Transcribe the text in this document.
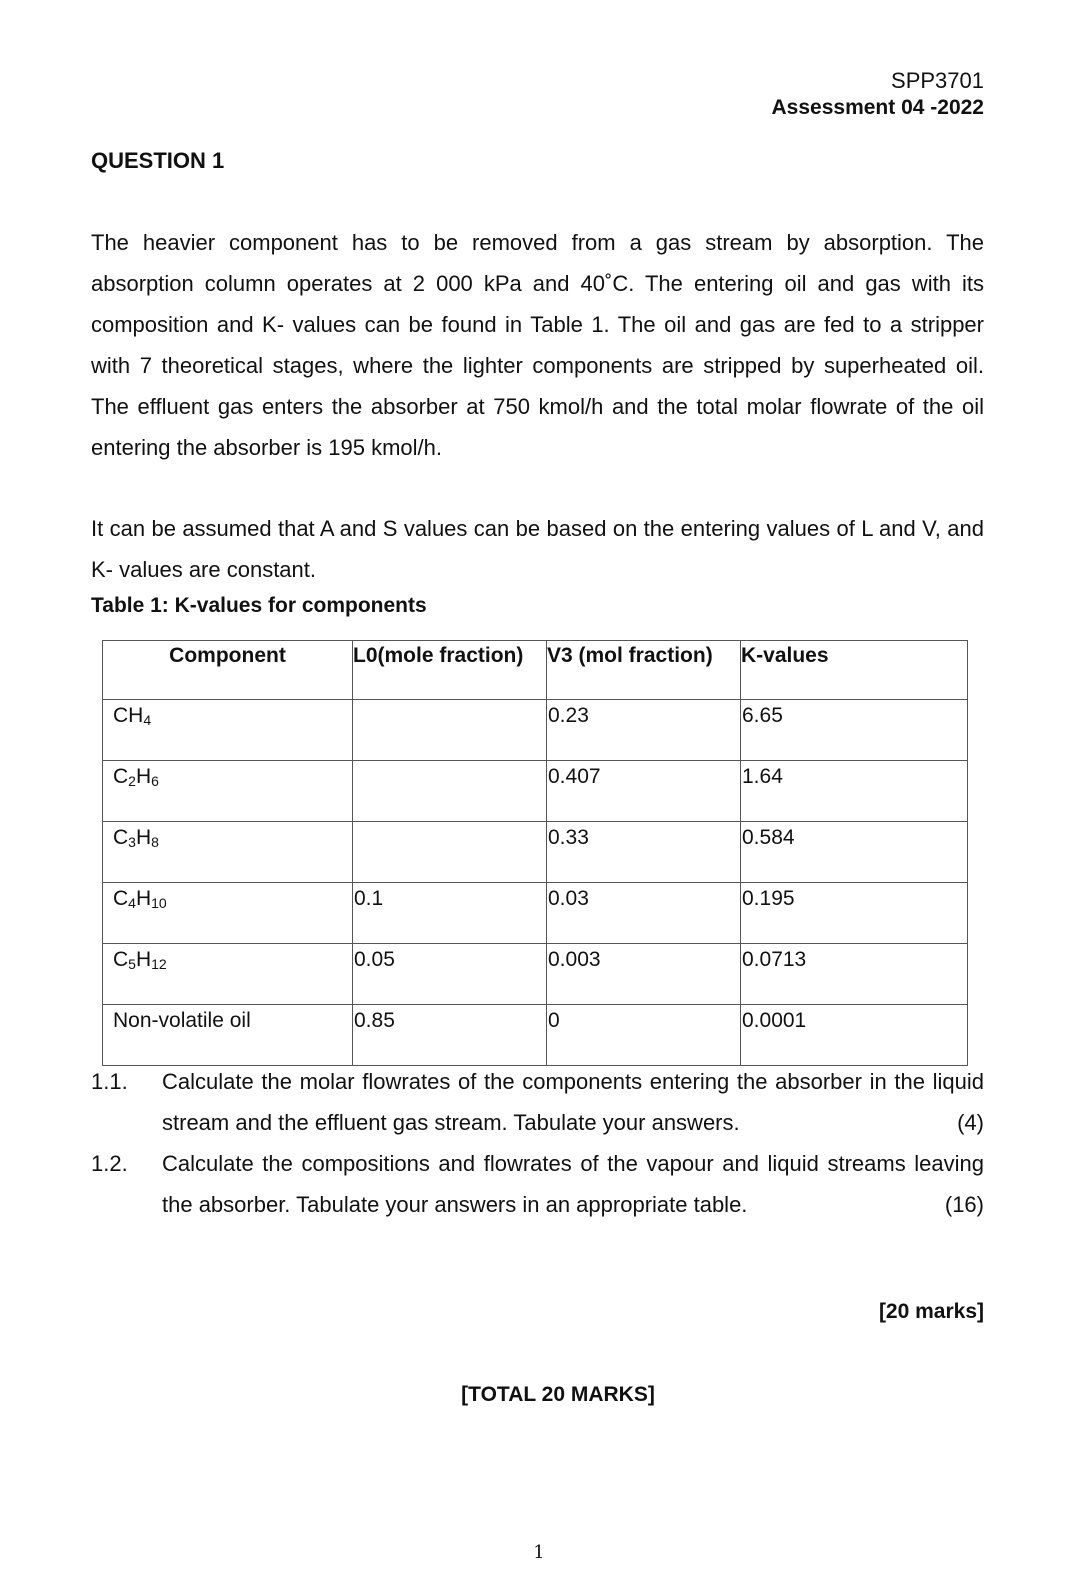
SPP3701
Assessment 04 -2022
QUESTION 1
The heavier component has to be removed from a gas stream by absorption. The absorption column operates at 2 000 kPa and 40˚C. The entering oil and gas with its composition and K- values can be found in Table 1. The oil and gas are fed to a stripper with 7 theoretical stages, where the lighter components are stripped by superheated oil. The effluent gas enters the absorber at 750 kmol/h and the total molar flowrate of the oil entering the absorber is 195 kmol/h.
It can be assumed that A and S values can be based on the entering values of L and V, and K- values are constant.
Table 1: K-values for components
Component	L0(mole fraction)	V3 (mol fraction)	K-values
$CH_4$		0.23	6.65
$C_2H_6$		0.407	1.64
$C_3H_8$		0.33	0.584
$C_4H_{10}$	0.1	0.03	0.195
$C_5H_{12}$	0.05	0.003	0.0713
Non-volatile oil	0.85	0	0.0001
1.1. Calculate the molar flowrates of the components entering the absorber in the liquid stream and the effluent gas stream. Tabulate your answers.	(4)
1.2. Calculate the compositions and flowrates of the vapour and liquid streams leaving the absorber. Tabulate your answers in an appropriate table.	(16)
[20 marks]
[TOTAL 20 MARKS]
1
